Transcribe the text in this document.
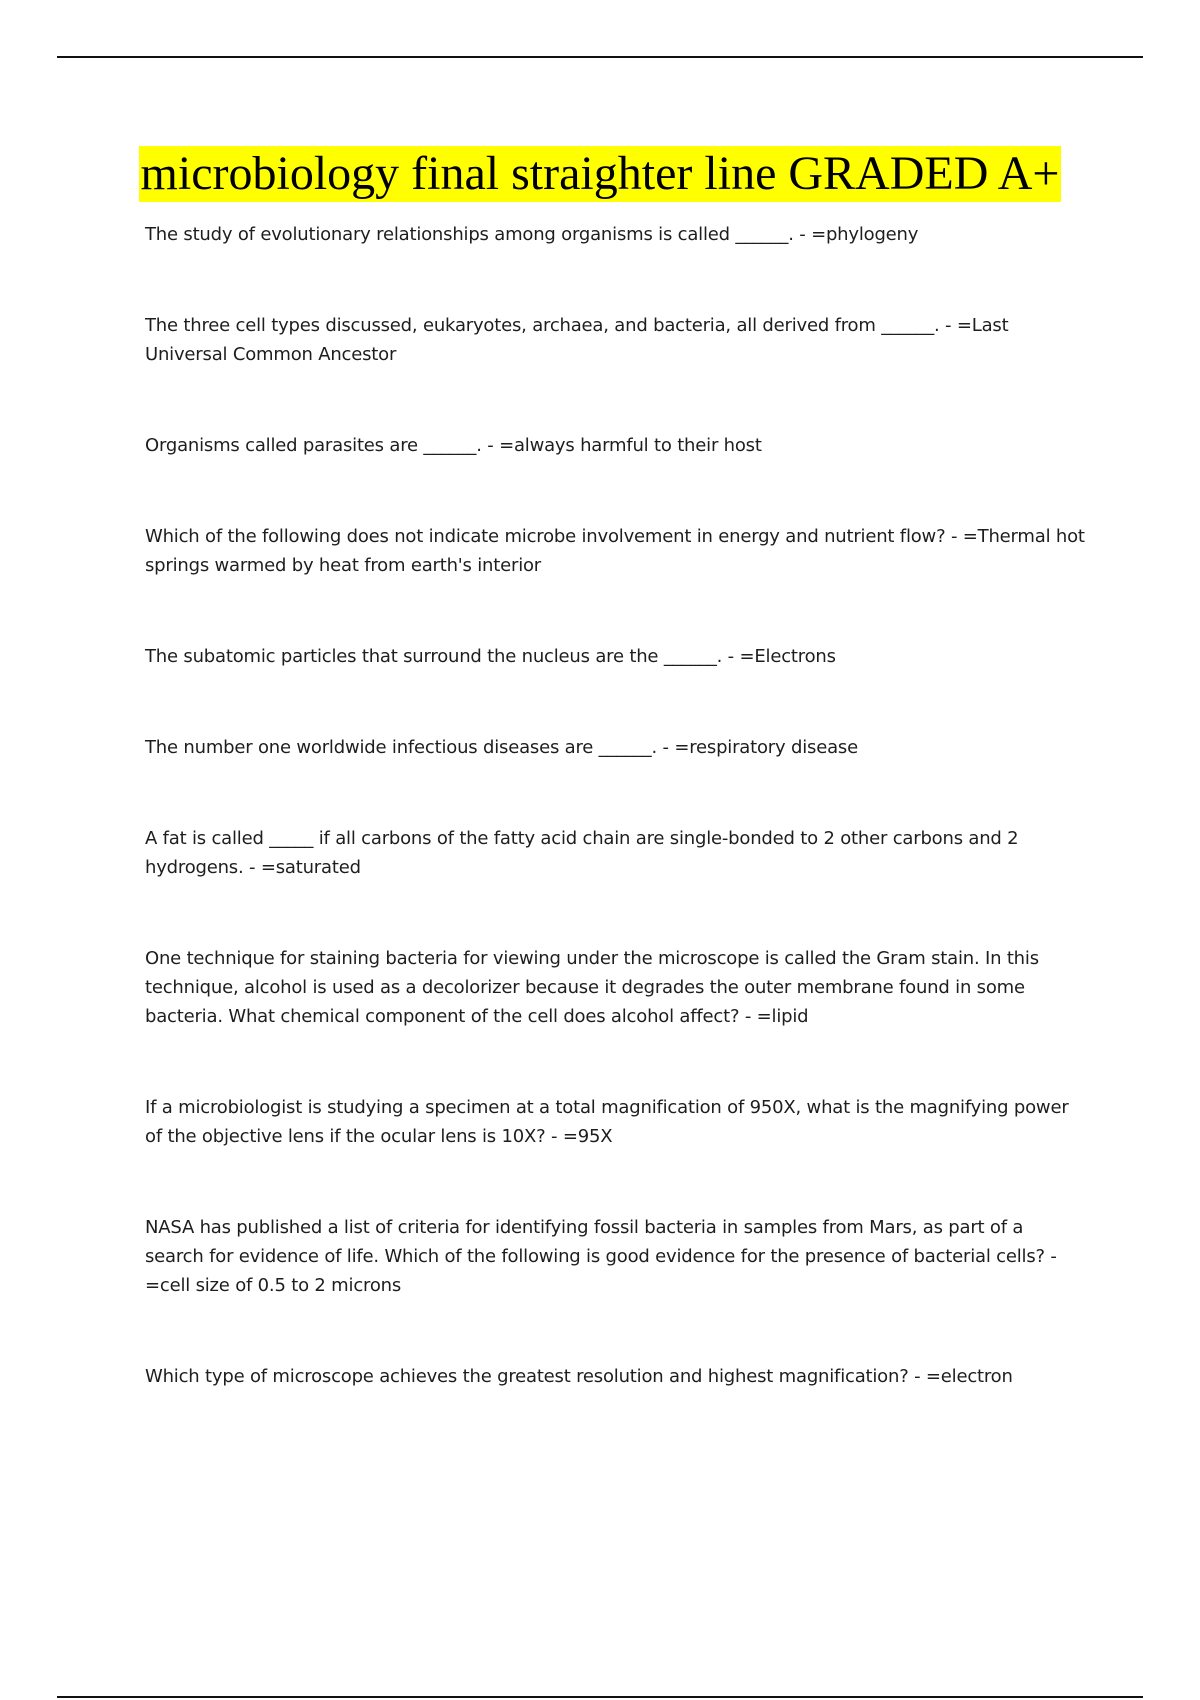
microbiology final straighter line GRADED A+

The study of evolutionary relationships among organisms is called ______. - =phylogeny

The three cell types discussed, eukaryotes, archaea, and bacteria, all derived from ______. - =Last Universal Common Ancestor

Organisms called parasites are ______. - =always harmful to their host

Which of the following does not indicate microbe involvement in energy and nutrient flow? - =Thermal hot springs warmed by heat from earth's interior

The subatomic particles that surround the nucleus are the ______. - =Electrons

The number one worldwide infectious diseases are ______. - =respiratory disease

A fat is called _____ if all carbons of the fatty acid chain are single-bonded to 2 other carbons and 2 hydrogens. - =saturated

One technique for staining bacteria for viewing under the microscope is called the Gram stain. In this technique, alcohol is used as a decolorizer because it degrades the outer membrane found in some bacteria. What chemical component of the cell does alcohol affect? - =lipid

If a microbiologist is studying a specimen at a total magnification of 950X, what is the magnifying power of the objective lens if the ocular lens is 10X? - =95X

NASA has published a list of criteria for identifying fossil bacteria in samples from Mars, as part of a search for evidence of life. Which of the following is good evidence for the presence of bacterial cells? - =cell size of 0.5 to 2 microns

Which type of microscope achieves the greatest resolution and highest magnification? - =electron
